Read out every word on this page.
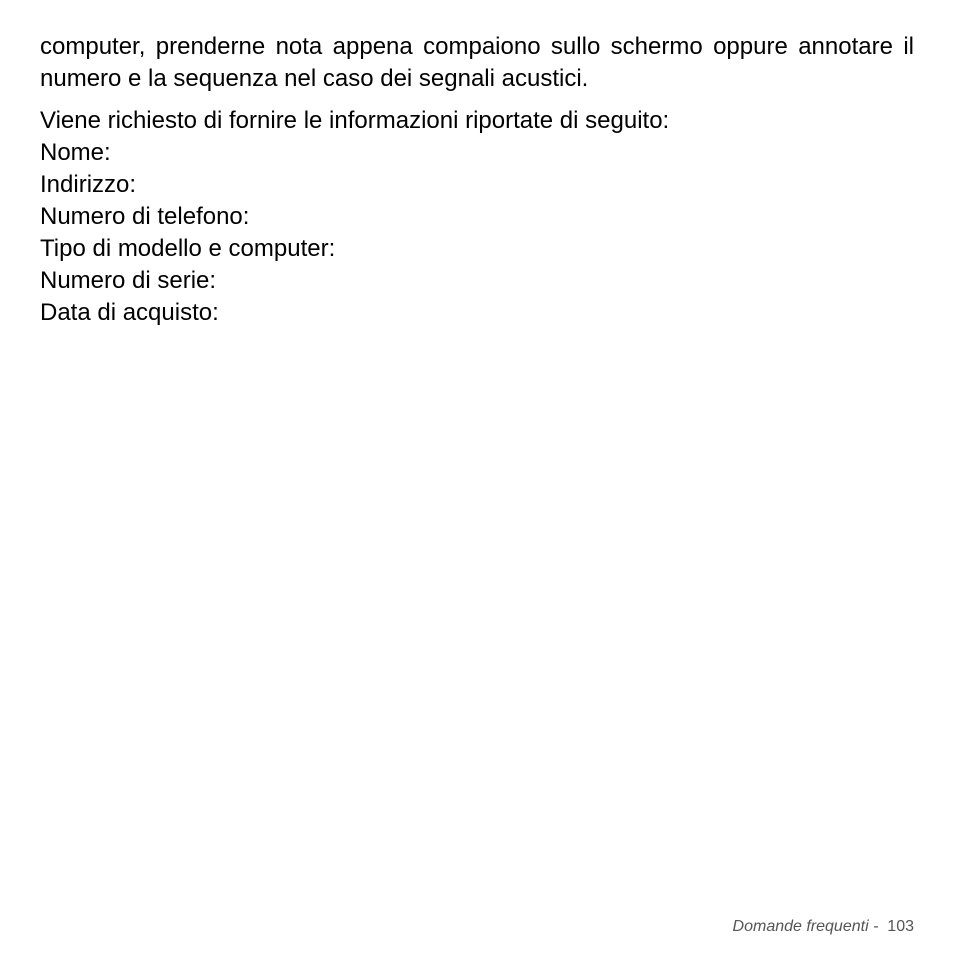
computer, prenderne nota appena compaiono sullo schermo oppure annotare il numero e la sequenza nel caso dei segnali acustici.

Viene richiesto di fornire le informazioni riportate di seguito:

Nome:
Indirizzo:
Numero di telefono:
Tipo di modello e computer:
Numero di serie:
Data di acquisto:
Domande frequenti -  103
